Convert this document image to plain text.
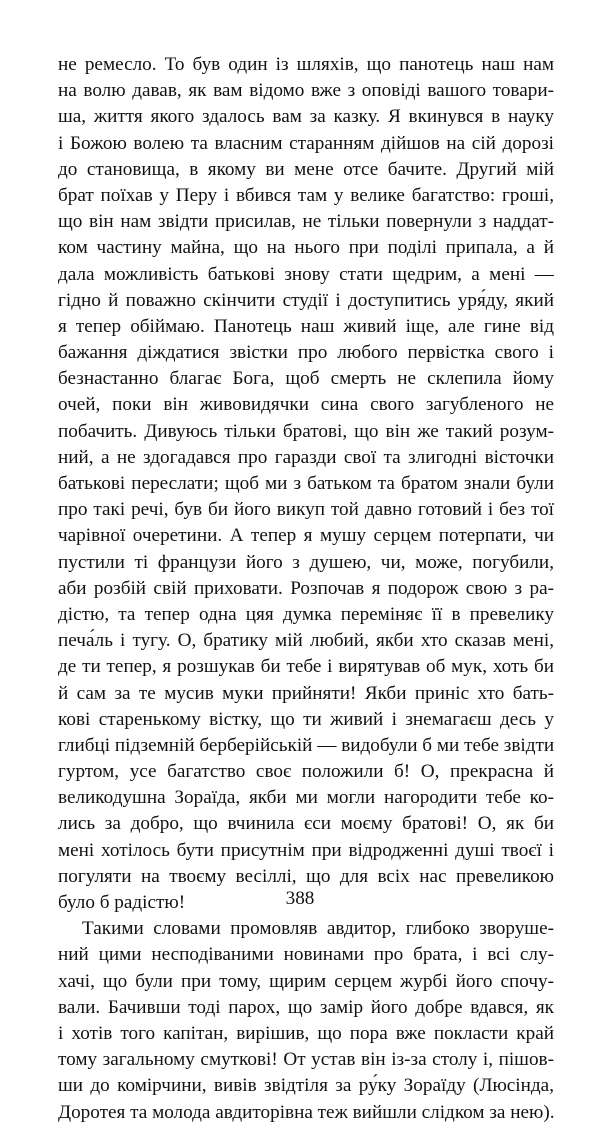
не ремесло. То був один із шляхів, що панотець наш нам
на волю давав, як вам відомо вже з оповіді вашого товари-
ша, життя якого здалось вам за казку. Я вкинувся в науку
і Божою волею та власним старанням дійшов на сій дорозі
до становища, в якому ви мене отсе бачите. Другий мій
брат поїхав у Перу і вбився там у велике багатство: гроші,
що він нам звідти присилав, не тільки повернули з наддат-
ком частину майна, що на нього при поділі припала, а й
дала можливість батькові знову стати щедрим, а мені —
гідно й поважно скінчити студії і доступитись уря́ду, який
я тепер обіймаю. Панотець наш живий іще, але гине від
бажання діждатися звістки про любого первістка свого і
безнастанно благає Бога, щоб смерть не склепила йому
очей, поки він живовидячки сина свого загубленого не
побачить. Дивуюсь тільки братові, що він же такий розум-
ний, а не здогадався про гаразди свої та злигодні вісточки
батькові переслати; щоб ми з батьком та братом знали були
про такі речі, був би його викуп той давно готовий і без тої
чарівної очеретини. А тепер я мушу серцем потерпати, чи
пустили ті французи його з душею, чи, може, погубили,
аби розбій свій приховати. Розпочав я подорож свою з ра-
дістю, та тепер одна цяя думка переміняє її в превелику
печа́ль і тугу. О, братику мій любий, якби хто сказав мені,
де ти тепер, я розшукав би тебе і вирятував об мук, хоть би
й сам за те мусив муки прийняти! Якби приніс хто бать-
кові старенькому вістку, що ти живий і знемагаєш десь у
глибці підземній берберійській — видобули б ми тебе звідти
гуртом, усе багатство своє положили б! О, прекрасна й
великодушна Зораїда, якби ми могли нагородити тебе ко-
лись за добро, що вчинила єси моєму братові! О, як би
мені хотілось бути присутнім при відродженні душі твоєї і
погуляти на твоєму весіллі, що для всіх нас превеликою
було б радістю!
Такими словами промовляв авдитор, глибоко зворуше-
ний цими несподіваними новинами про брата, і всі слу-
хачі, що були при тому, щирим серцем журбі його спочу-
вали. Бачивши тоді парох, що замір його добре вдався, як
і хотів того капітан, вирішив, що пора вже покласти край
тому загальному смуткові! От устав він із-за столу і, пішов-
ши до комірчини, вивів звідтіля за ру́ку Зораїду (Люсінда,
Доротея та молода авдиторівна теж вийшли слідком за нею).
388
